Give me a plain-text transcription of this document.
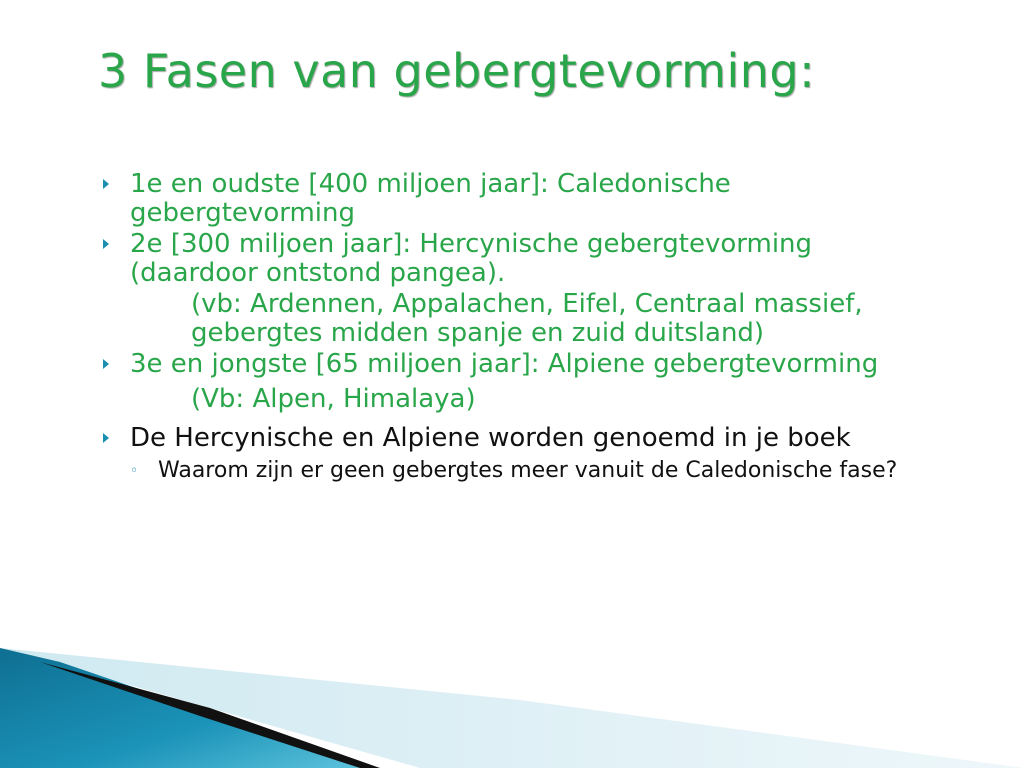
3 Fasen van gebergtevorming:
1e en oudste [400 miljoen jaar]: Caledonische gebergtevorming
2e [300 miljoen jaar]: Hercynische gebergtevorming (daardoor ontstond pangea).
(vb: Ardennen, Appalachen, Eifel, Centraal massief, gebergtes midden spanje en zuid duitsland)
3e en jongste [65 miljoen jaar]: Alpiene gebergtevorming
(Vb: Alpen, Himalaya)
De Hercynische en Alpiene worden genoemd in je boek
◦ Waarom zijn er geen gebergtes meer vanuit de Caledonische fase?
